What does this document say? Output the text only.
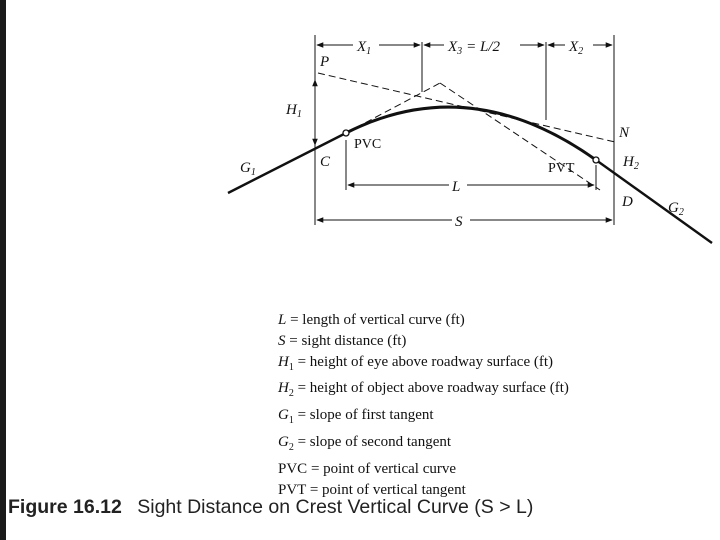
$X_1$	$X_3 = L/2$	$X_2$
P
$H_1$
C
PVC
$G_1$	PVT
N
$H_2$
D $G_2$
L
S
L = length of vertical curve (ft)
S = sight distance (ft)
$H_1$ = height of eye above roadway surface (ft)
$H_2$ = height of object above roadway surface (ft)
$G_1$ = slope of first tangent
$G_2$ = slope of second tangent
PVC = point of vertical curve
PVT = point of vertical tangent
Figure 16.12 Sight Distance on Crest Vertical Curve (S > L)
